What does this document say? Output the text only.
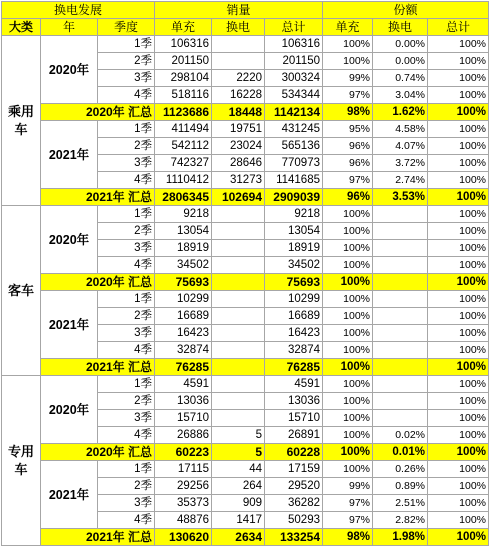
换电发展			销量			份额		
大类	年	季度	单充	换电	总计	单充	换电	总计
乘用车	2020年	1季	106316		106316	100%	0.00%	100%
		2季	201150		201150	100%	0.00%	100%
		3季	298104	2220	300324	99%	0.74%	100%
		4季	518116	16228	534344	97%	3.04%	100%
	2020年 汇总		1123686	18448	1142134	98%	1.62%	100%
	2021年	1季	411494	19751	431245	95%	4.58%	100%
		2季	542112	23024	565136	96%	4.07%	100%
		3季	742327	28646	770973	96%	3.72%	100%
		4季	1110412	31273	1141685	97%	2.74%	100%
	2021年 汇总		2806345	102694	2909039	96%	3.53%	100%
客车	2020年	1季	9218		9218	100%		100%
		2季	13054		13054	100%		100%
		3季	18919		18919	100%		100%
		4季	34502		34502	100%		100%
	2020年 汇总		75693		75693	100%		100%
	2021年	1季	10299		10299	100%		100%
		2季	16689		16689	100%		100%
		3季	16423		16423	100%		100%
		4季	32874		32874	100%		100%
	2021年 汇总		76285		76285	100%		100%
专用车	2020年	1季	4591		4591	100%		100%
		2季	13036		13036	100%		100%
		3季	15710		15710	100%		100%
		4季	26886	5	26891	100%	0.02%	100%
	2020年 汇总		60223	5	60228	100%	0.01%	100%
	2021年	1季	17115	44	17159	100%	0.26%	100%
		2季	29256	264	29520	99%	0.89%	100%
		3季	35373	909	36282	97%	2.51%	100%
		4季	48876	1417	50293	97%	2.82%	100%
	2021年 汇总		130620	2634	133254	98%	1.98%	100%
